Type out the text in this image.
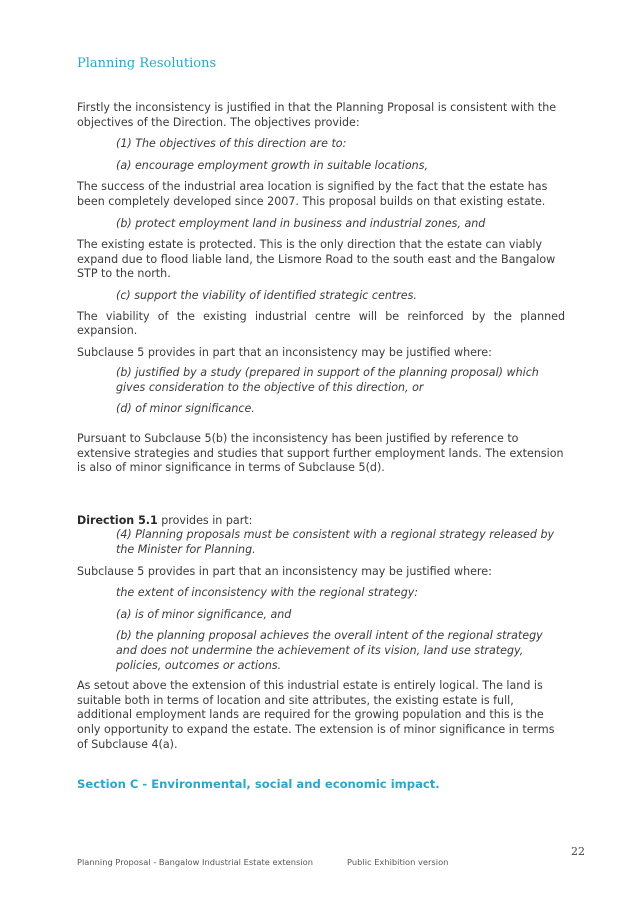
Planning Resolutions

Firstly the inconsistency is justified in that the Planning Proposal is consistent with the objectives of the Direction. The objectives provide:

(1) The objectives of this direction are to:

(a) encourage employment growth in suitable locations,

The success of the industrial area location is signified by the fact that the estate has been completely developed since 2007. This proposal builds on that existing estate.

(b) protect employment land in business and industrial zones, and

The existing estate is protected. This is the only direction that the estate can viably expand due to flood liable land, the Lismore Road to the south east and the Bangalow STP to the north.

(c) support the viability of identified strategic centres.

The viability of the existing industrial centre will be reinforced by the planned expansion.

Subclause 5 provides in part that an inconsistency may be justified where:

(b) justified by a study (prepared in support of the planning proposal) which gives consideration to the objective of this direction, or

(d) of minor significance.

Pursuant to Subclause 5(b) the inconsistency has been justified by reference to extensive strategies and studies that support further employment lands. The extension is also of minor significance in terms of Subclause 5(d).

Direction 5.1 provides in part:

(4) Planning proposals must be consistent with a regional strategy released by the Minister for Planning.

Subclause 5 provides in part that an inconsistency may be justified where:

the extent of inconsistency with the regional strategy:

(a) is of minor significance, and

(b) the planning proposal achieves the overall intent of the regional strategy and does not undermine the achievement of its vision, land use strategy, policies, outcomes or actions.

As setout above the extension of this industrial estate is entirely logical. The land is suitable both in terms of location and site attributes, the existing estate is full, additional employment lands are required for the growing population and this is the only opportunity to expand the estate. The extension is of minor significance in terms of Subclause 4(a).

Section C - Environmental, social and economic impact.
22
Planning Proposal - Bangalow Industrial Estate extension	Public Exhibition version
